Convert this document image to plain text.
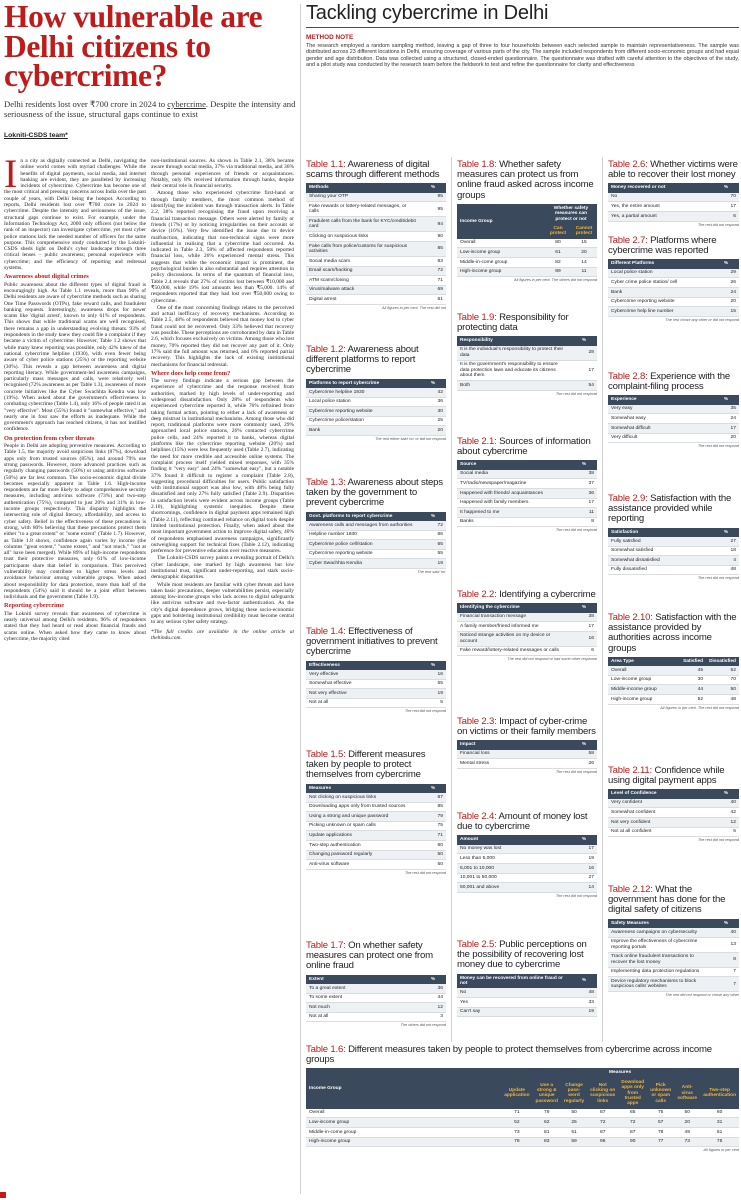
How vulnerable are Delhi citizens to cybercrime?
Delhi residents lost over ₹700 crore in 2024 to cybercrime. Despite the intensity and seriousness of the issue, structural gaps continue to exist
Lokniti-CSDS team*

In a city as digitally connected as Delhi, navigating the online world comes with myriad challenges. While the benefits of digital payments, social media, and internet banking are evident, they are paralleled by increasing incidents of cybercrime. Cybercrime has become one of the most critical and pressing concerns across India over the past couple of years, with Delhi being the hotspot. According to reports, Delhi residents lost over ₹700 crore in 2024 to cybercrime. Despite the intensity and seriousness of the issue, structural gaps continue to exist. For example, under the Information Technology Act, 2000 only officers (not below the rank of an inspector) can investigate cybercrime, yet most cyber police stations lack the needed number of officers for the same purpose. This comprehensive study conducted by the Lokniti-CSDS sheds light on Delhi's cyber landscape through three critical lenses – public awareness; personal experience with cybercrime; and the efficiency of reporting and redressal systems.

Awareness about digital crimes

Public awareness about the different types of digital fraud is encouragingly high. As Table 1.1 reveals, more than 90% of Delhi residents are aware of cybercrime methods such as sharing One Time Passwords (OTPs), fake reward calls, and fraudulent banking requests. Interestingly, awareness drops for newer scams like 'digital arrest', known to only 61% of respondents. This shows that while traditional scams are well recognised, there remains a gap in understanding evolving threats. 93% of respondents in the study knew they could file a complaint if they became a victim of cybercrime. However, Table 1.2 shows that while many knew reporting was possible, only 42% knew of the national cybercrime helpline (1930), with even fewer being aware of cyber police stations (25%) or the reporting website (30%). This reveals a gap between awareness and digital reporting literacy. While government-led awareness campaigns, particularly mass messages and calls, were relatively well recognised (72% awareness as per Table 1.3), awareness of more concrete initiatives like the Cyber Swachhta Kendra was low (19%). When asked about the government's effectiveness in combating cybercrime (Table 1.4), only 16% of people rated it as "very effective". Most (55%) found it "somewhat effective," and nearly one in four saw the efforts as inadequate. While the government's approach has reached citizens, it has not instilled confidence.

On protection from cyber threats

People in Delhi are adopting preventive measures. According to Table 1.5, the majority avoid suspicious links (87%), download apps only from trusted sources (85%), and around 79% use strong passwords. However, more advanced practices such as regularly changing passwords (50%) or using antivirus software (50%) are far less common. The socio-economic digital divide becomes especially apparent in Table 1.6. High-income respondents are far more likely to adopt comprehensive security measures, including antivirus software (73%) and two-step authentication (75%), compared to just 20% and 31% in low-income groups respectively. This disparity highlights the intersecting role of digital literacy, affordability, and access to cyber safety. Belief in the effectiveness of these precautions is strong, with 80% believing that these precautions protect them either "to a great extent" or "some extent" (Table 1.7). However, as Table 1.8 shows, confidence again varies by income (the columns "great extent," "some extent," and "not much," "not at all" have been merged). While 89% of high-income respondents trust their protective measures, only 61% of low-income participants share that belief in comparison. This perceived vulnerability may contribute to higher stress levels and avoidance behaviour among vulnerable groups. When asked about responsibility for data protection, more than half of the respondents (54%) said it should be a joint effort between individuals and the government (Table 1.9).

Reporting cybercrime

The Lokniti survey reveals that awareness of cybercrime is nearly universal among Delhi's residents. 96% of respondents stated that they had heard or read about financial frauds and scams online. When asked how they came to know about cybercrime, the majority cited

non-institutional sources. As shown in Table 2.1, 38% became aware through social media, 37% via traditional media, and 36% through personal experiences of friends or acquaintances. Notably, only 8% received information through banks, despite their central role in financial security.

Among those who experienced cybercrime first-hand or through family members, the most common method of identifying the incident was through transaction alerts. In Table 2.2, 38% reported recognising the fraud upon receiving a financial transaction message. Others were alerted by family or friends (17%) or by noticing irregularities on their account or device (16%). Very few identified the issue due to device malfunction, indicating that non-technical signs were more influential in realising that a cybercrime had occurred. As indicated in Table 2.3, 58% of affected respondents reported financial loss, while 26% experienced mental stress. This suggests that while the economic impact is prominent, the psychological burden is also substantial and requires attention in policy discussions. In terms of the quantum of financial loss, Table 2.4 reveals that 27% of victims lost between ₹10,000 and ₹50,000, while 19% lost amounts less than ₹5,000. 14% of respondents reported that they had lost over ₹50,000 owing to cybercrime.

One of the most concerning findings relates to the perceived and actual inefficacy of recovery mechanisms. According to Table 2.5, 48% of respondents believed that money lost to cyber fraud could not be recovered. Only 33% believed that recovery was possible. These perceptions are corroborated by data in Table 2.6, which focuses exclusively on victims. Among those who lost money, 70% reported they did not recover any part of it. Only 17% said the full amount was returned, and 6% reported partial recovery. This highlights the lack of existing institutional mechanisms for financial redressal.

Where does help come from?

The survey findings indicate a serious gap between the experience of cybercrime and the response received from authorities, marked by high levels of under-reporting and widespread dissatisfaction. Only 28% of respondents who experienced cybercrime reported it, while 76% refrained from taking formal action, pointing to either a lack of awareness or deep mistrust in institutional mechanisms. Among those who did report, traditional platforms were more commonly used, 29% approached local police stations, 26% contacted cybercrime police cells, and 24% reported it to banks, whereas digital platforms like the cybercrime reporting website (20%) and helplines (15%) were less frequently used (Table 2.7), indicating the need for more credible and accessible online systems. The complaint process itself yielded mixed responses, with 35% finding it "very easy" and 24% "somewhat easy", but a notable 37% found it difficult to register a complaint (Table 2.8), suggesting procedural difficulties for users. Public satisfaction with institutional support was also low, with 48% being fully dissatisfied and only 27% fully satisfied (Table 2.9). Disparities in satisfaction levels were evident across income groups (Table 2.10), highlighting systemic inequities. Despite these shortcomings, confidence in digital payment apps remained high (Table 2.11), reflecting continued reliance on digital tools despite limited institutional protection. Finally, when asked about the most important government action to improve digital safety, 40% of respondents emphasised awareness campaigns, significantly outweighing support for technical fixes (Table 2.12), indicating preference for preventive education over reactive measures.

The Lokniti-CSDS survey paints a revealing portrait of Delhi's cyber landscape, one marked by high awareness but low institutional trust, significant under-reporting, and stark socio-demographic disparities.

While most residents are familiar with cyber threats and have taken basic precautions, deeper vulnerabilities persist, especially among low-income groups who lack access to digital safeguards like antivirus software and two-factor authentication. As the city's digital dependence grows, bridging these socio-economic gaps and bolstering institutional credibility must become central to any serious cyber safety strategy.

*The full credits are available in the online article at thehindu.com.

Tackling cybercrime in Delhi
METHOD NOTE
The research employed a random sampling method, leaving a gap of three to four households between each selected sample to maintain representativeness. The sample was distributed across 23 different locations in Delhi, ensuring coverage of various parts of the city. The sample included respondents from different socio-economic groups and had equal gender and age distribution. Data was collected using a structured, closed-ended questionnaire. The questionnaire was drafted with careful attention to the objectives of the study, and a pilot study was conducted by the research team before the fieldwork to test and refine the questionnaire for clarity and effectiveness
Table 1.1: Awareness of digital scams through different methods
Methods	%
Sharing your OTP	95
Fake rewards or lottery-related messages, or calls	95
Fradulent calls from the bank for KYC/credit/debit card	94
Clicking on suspicious links	90
Fake calls from police/customs for suspicious activities	85
Social media scam	83
Email scam/hacking	72
ATM scam/cloning	71
Virus/malware attack	69
Digital arrest	61
All figures in per cent. The rest did not
Table 1.2: Awareness about different platforms to report cybercrime
Platforms to report cybercrime	%
Cybercrime helpline 1930	42
Local police station	36
Cybercrime reporting website	30
Cybercrime police/station	25
Bank	20
The rest either said 'no' or did not respond
Table 1.3: Awareness about steps taken by the government to prevent cybercrime
Govt. platforms to report cybercrime	%
Awareness calls and messages from authorities	72
Helpline number 1930	66
Cybercrime police cell/station	65
Cybercrime reporting website	55
Cyber Swachhta Kendra	19
The rest said 'no'
Table 1.4: Effectiveness of government initiatives to prevent cybercrime
Effectiveness	%
Very effective	16
Somewhat effective	55
Not very effective	19
Not at all	5
The rest did not respond
Table 1.5: Different measures taken by people to protect themselves from cybercrime
Measures	%
Not clicking on suspicious links	87
Downloading apps only from trusted sources	85
Using a strong and unique password	79
Picking unknown or spam calls	75
Update applications	71
Two-step authentication	60
Changing password regularly	50
Anti-virus software	50
The rest did not respond
Table 1.7: On whether safety measures can protect one from online fraud
Extent	%
To a great extent	36
To some extent	44
Not much	12
Not at all	3
The others did not respond
Table 1.8: Whether safety measures can protect us from online fraud asked across income groups
Income Group	Whether safety measures can protect or not	
	Can protect	Cannot protect
Overall	80	15
Low-income group	61	20
Middle-in-come group	82	14
High-income group	89	11
All figures in per cent. The others did not respond
Table 1.9: Responsibility for protecting data
Responsibility	%
It is the individual's responsibility to protect their data	28
It is the government's responsibility to ensure data protection laws and educate its citizens about them	17
Both	54
The rest did not respond
Table 2.1: Sources of information about cybercrime
Source	%
Social media	38
TV/radio/newspaper/magazine	37
Happened with friends/ acquaintances	36
Happened with family members	17
It happened to me	11
Banks	8
The rest did not respond
Table 2.2: Identifying a cybercrime
Identifying the cybercrime	%
Financial transaction message	38
A family member/friend informed me	17
Noticed strange activities on my device or account	16
Fake reward/lottery-related messages or calls	6
The rest did not respond or had some other response
Table 2.3: Impact of cyber-crime on victims or their family members
Impact	%
Financial loss	58
Mental stress	26
The rest did not respond
Table 2.4: Amount of money lost due to cybercrime
Amount	%
No money was lost	17
Less than 5,000	19
5,001 to 10,000	16
10,001 to 50,000	27
50,001 and above	14
The rest did not respond
Table 2.5: Public perceptions on the possibility of recovering lost money due to cybercrime
Money can be recovered from online fraud or not	%
No	48
Yes	33
Can't say	19
Table 2.6: Whether victims were able to recover their lost money
Money recovered or not	%
No	70
Yes, the entire amount	17
Yes, a partial amount	6
The rest did not respond
Table 2.7: Platforms where cybercrime was reported
Different Platforms	%
Local police station	29
Cyber crime police station/ cell	26
Bank	24
Cybercrime reporting website	20
Cybercrime help line number	15
The rest chose any other or did not respond
Table 2.8: Experience with the complaint-filing process
Experience	%
Very easy	35
Somewhat easy	24
Somewhat difficult	17
Very difficult	20
The rest did not respond
Table 2.9: Satisfaction with the assistance provided while reporting
Satisfaction	%
Fully satisfied	27
Somewhat satisfied	18
Somewhat dissatisfied	4
Fully dissatisfied	48
The rest did not respond
Table 2.10: Satisfaction with the assistance provided by authorities across income groups
Area Type	Satisfied	Dissatisfied
Overall	45	52
Low-income group	30	70
Middle-income group	44	50
High-income group	52	48
All figures in per cent. The rest did not respond
Table 2.11: Confidence while using digital payment apps
Level of Confidence	%
Very confident	40
Somewhat confident	42
Not very confident	12
Not at all confident	6
The rest did not respond
Table 2.12: What the government has done for the digital safety of citizens
Safety Measures	%
Awareness campaigns on cybersecurity	40
Improve the effectiveness of cybercrime reporting portals	13
Track online fraudulent transactions to recover the lost money	8
Implementing data protection regulations	7
Device regulatory mechanisms to block suspicious calls/ websites	7
The rest did not respond or chose any other
Table 1.6: Different measures taken by people to protect themselves from cybercrime across income groups
Income Group	Measures							
	Update application	Use a strong & unique password	Change pass-word regularly	Not clicking on suspicious links	Download apps only from trusted apps	Pick unknown or spam calls	Anti-virus software	Two-step authentication
Overall	71	79	50	87	85	75	50	60
Low-income group	52	62	25	72	72	57	20	31
Middle-in-come group	73	81	51	87	87	78	49	61
High-income group	78	83	59	96	90	77	73	75
All figures in per cent
